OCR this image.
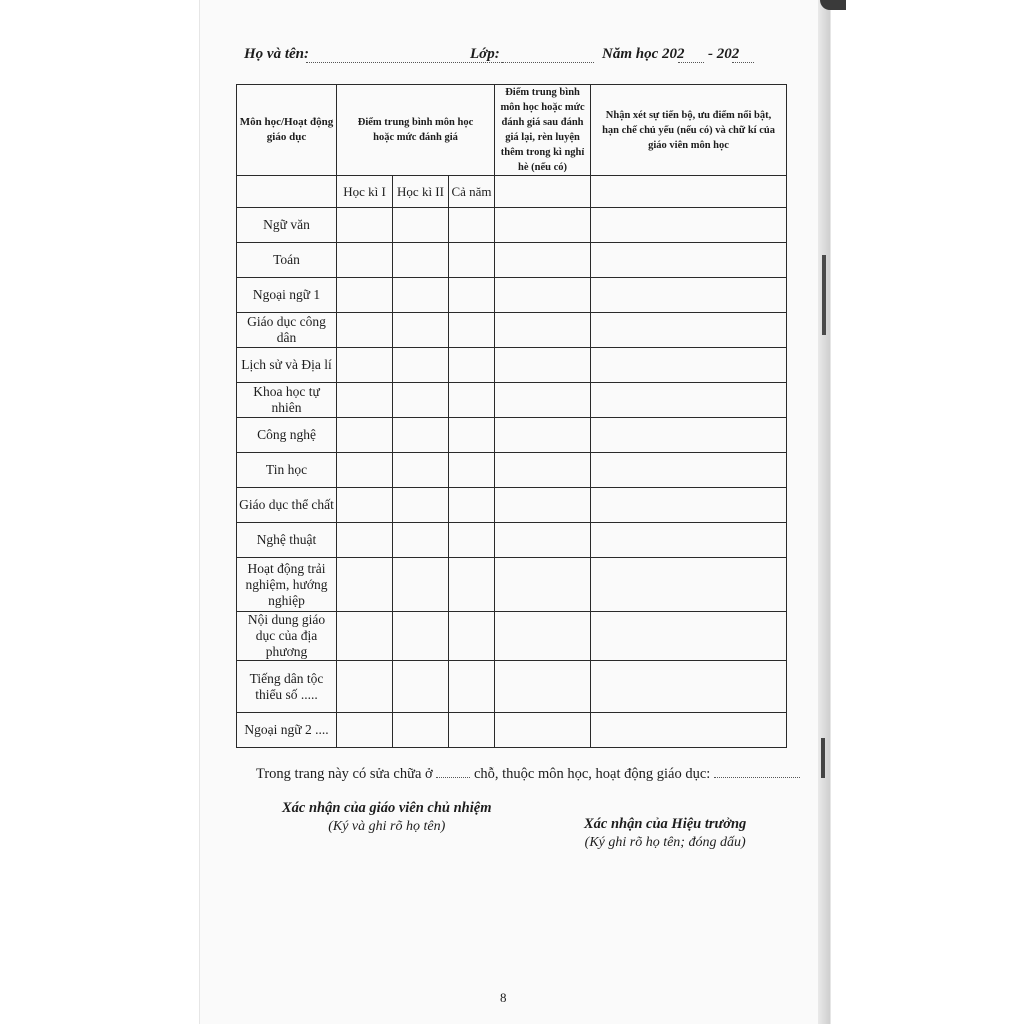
Họ và tên:	Lớp:	Năm học 202 - 202
Môn học/Hoạt động giáo dục	Điểm trung bình môn học hoặc mức đánh giá			Điểm trung bình môn học hoặc mức đánh giá sau đánh giá lại, rèn luyện thêm trong kì nghỉ hè (nếu có)	Nhận xét sự tiến bộ, ưu điểm nổi bật, hạn chế chủ yếu (nếu có) và chữ kí của giáo viên môn học
	Học kì I	Học kì II	Cả năm		
Ngữ văn					
Toán					
Ngoại ngữ 1					
Giáo dục công dân					
Lịch sử và Địa lí					
Khoa học tự nhiên					
Công nghệ					
Tin học					
Giáo dục thể chất					
Nghệ thuật					
Hoạt động trải nghiệm, hướng nghiệp					
Nội dung giáo dục của địa phương					
Tiếng dân tộc thiểu số .....					
Ngoại ngữ 2 ....					
Trong trang này có sửa chữa ở	chỗ, thuộc môn học, hoạt động giáo dục:
Xác nhận của giáo viên chủ nhiệm
(Ký và ghi rõ họ tên)	Xác nhận của Hiệu trưởng
(Ký ghi rõ họ tên; đóng dấu)
8
